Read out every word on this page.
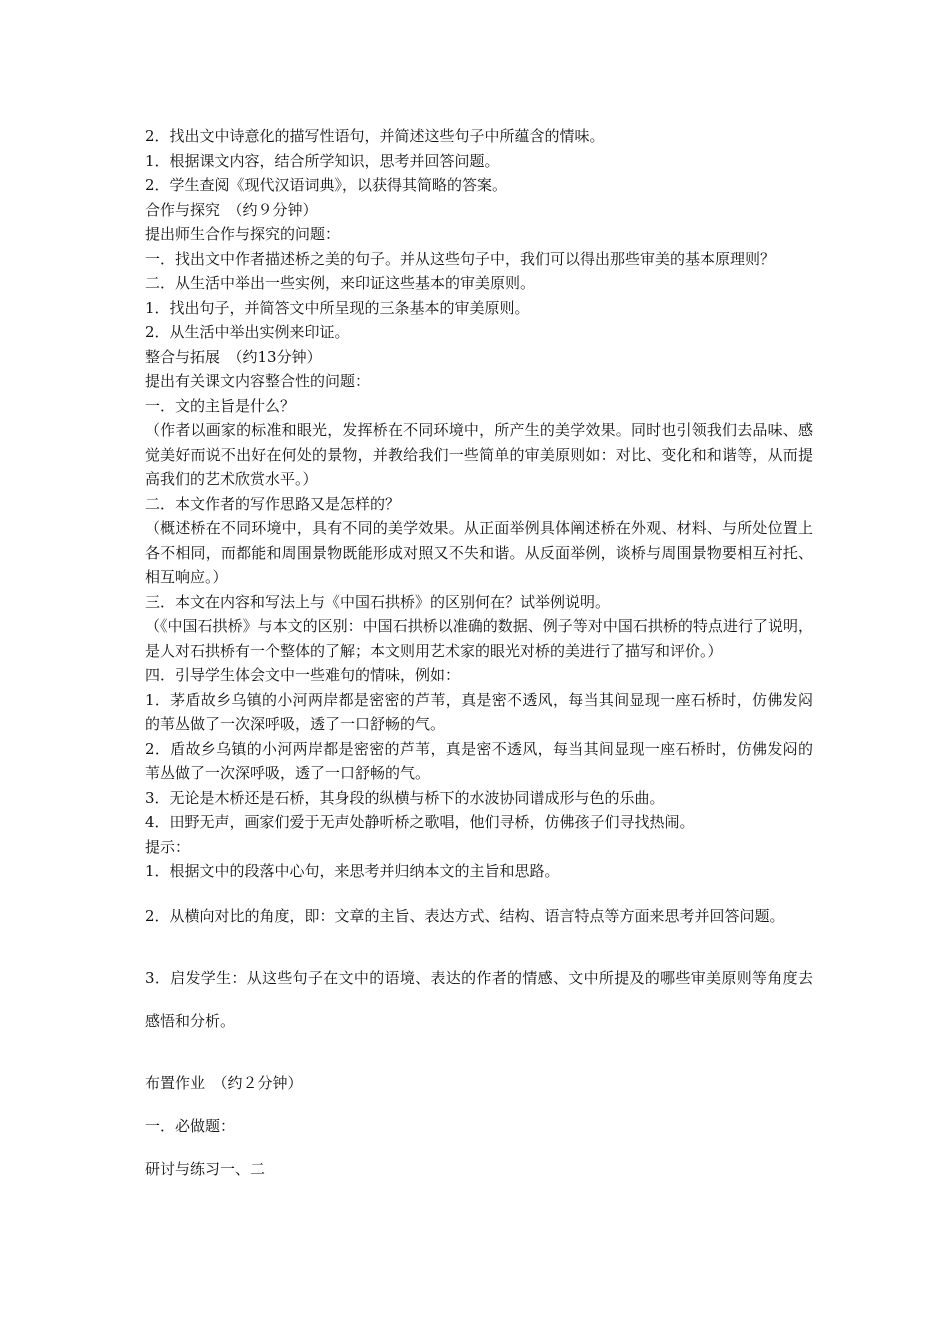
2．找出文中诗意化的描写性语句，并简述这些句子中所蕴含的情味。

1．根据课文内容，结合所学知识，思考并回答问题。

2．学生查阅《现代汉语词典》，以获得其简略的答案。

合作与探究　（约９分钟）

提出师生合作与探究的问题：

一．找出文中作者描述桥之美的句子。并从这些句子中，我们可以得出那些审美的基本原理则？

二．从生活中举出一些实例，来印证这些基本的审美原则。

1．找出句子，并简答文中所呈现的三条基本的审美原则。

2．从生活中举出实例来印证。

整合与拓展　（约13分钟）

提出有关课文内容整合性的问题：

一．文的主旨是什么？

（作者以画家的标准和眼光，发挥桥在不同环境中，所产生的美学效果。同时也引领我们去品味、感觉美好而说不出好在何处的景物，并教给我们一些简单的审美原则如：对比、变化和和谐等，从而提高我们的艺术欣赏水平。）

二．本文作者的写作思路又是怎样的？

（概述桥在不同环境中，具有不同的美学效果。从正面举例具体阐述桥在外观、材料、与所处位置上各不相同，而都能和周围景物既能形成对照又不失和谐。从反面举例，谈桥与周围景物要相互衬托、相互响应。）

三．本文在内容和写法上与《中国石拱桥》的区别何在？试举例说明。

（《中国石拱桥》与本文的区别：中国石拱桥以准确的数据、例子等对中国石拱桥的特点进行了说明，是人对石拱桥有一个整体的了解；本文则用艺术家的眼光对桥的美进行了描写和评价。）

四．引导学生体会文中一些难句的情味，例如：

1．茅盾故乡乌镇的小河两岸都是密密的芦苇，真是密不透风，每当其间显现一座石桥时，仿佛发闷的苇丛做了一次深呼吸，透了一口舒畅的气。

2．盾故乡乌镇的小河两岸都是密密的芦苇，真是密不透风，每当其间显现一座石桥时，仿佛发闷的苇丛做了一次深呼吸，透了一口舒畅的气。

3．无论是木桥还是石桥，其身段的纵横与桥下的水波协同谱成形与色的乐曲。

4．田野无声，画家们爱于无声处静听桥之歌唱，他们寻桥，仿佛孩子们寻找热闹。

提示：

1．根据文中的段落中心句，来思考并归纳本文的主旨和思路。

2．从横向对比的角度，即：文章的主旨、表达方式、结构、语言特点等方面来思考并回答问题。

3．启发学生：从这些句子在文中的语境、表达的作者的情感、文中所提及的哪些审美原则等角度去感悟和分析。

布置作业　（约２分钟）

一．必做题：

研讨与练习一、二
